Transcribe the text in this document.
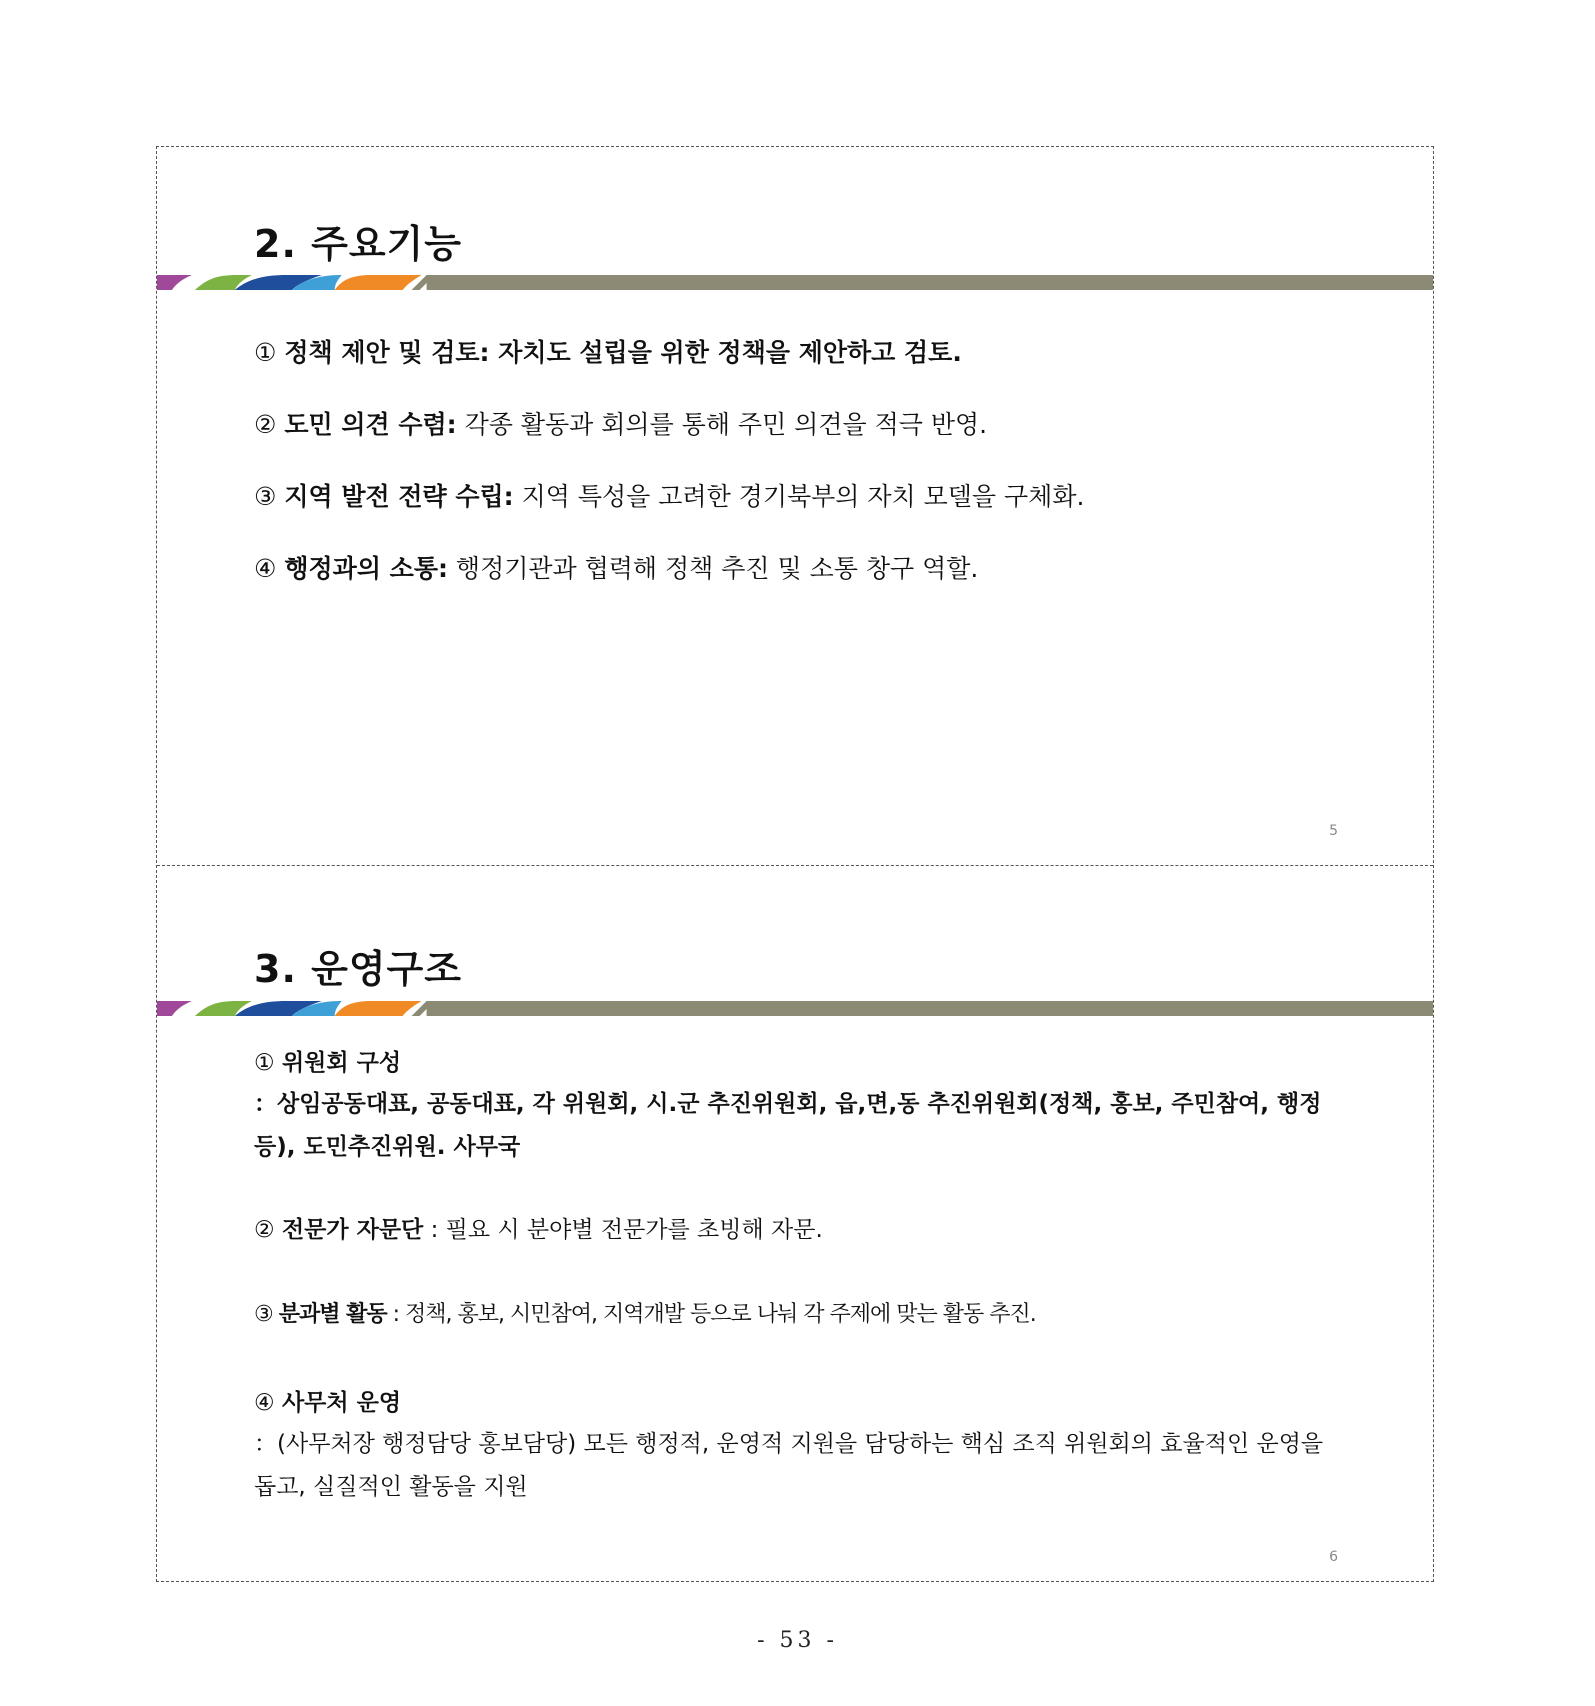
2. 주요기능
① 정책 제안 및 검토: 자치도 설립을 위한 정책을 제안하고 검토.
② 도민 의견 수렴: 각종 활동과 회의를 통해 주민 의견을 적극 반영.
③ 지역 발전 전략 수립: 지역 특성을 고려한 경기북부의 자치 모델을 구체화.
④ 행정과의 소통: 행정기관과 협력해 정책 추진 및 소통 창구 역할.
5
3. 운영구조
① 위원회 구성
：상임공동대표, 공동대표, 각 위원회, 시.군 추진위원회, 읍,면,동 추진위원회(정책, 홍보, 주민참여, 행정 등), 도민추진위원. 사무국
② 전문가 자문단 : 필요 시 분야별 전문가를 초빙해 자문.
③ 분과별 활동 : 정책, 홍보, 시민참여, 지역개발 등으로 나눠 각 주제에 맞는 활동 추진.
④ 사무처 운영
：(사무처장 행정담당 홍보담당) 모든 행정적, 운영적 지원을 담당하는 핵심 조직 위원회의 효율적인 운영을 돕고, 실질적인 활동을 지원
6
- 53 -
